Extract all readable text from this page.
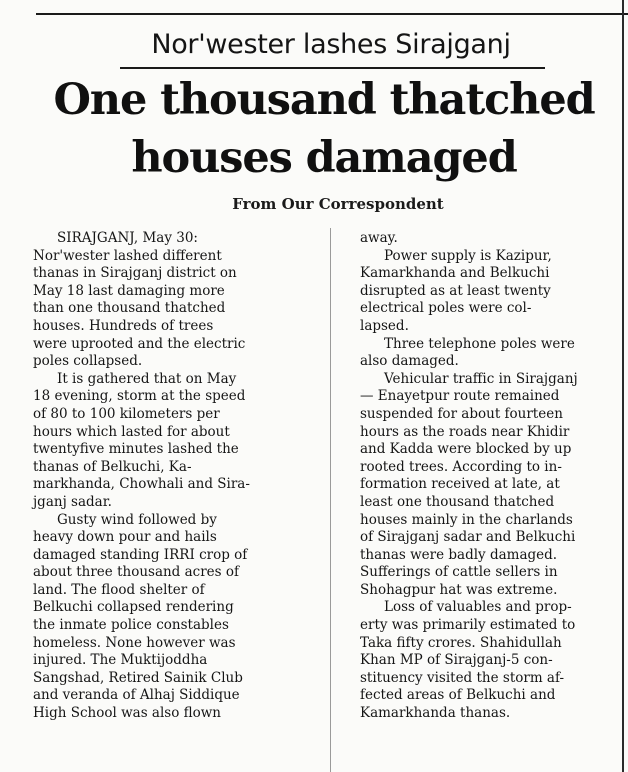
Nor'wester lashes Sirajganj
One thousand thatched
houses damaged
From Our Correspondent
SIRAJGANJ, May 30:
Nor'wester lashed different
thanas in Sirajganj district on
May 18 last damaging more
than one thousand thatched
houses. Hundreds of trees
were uprooted and the electric
poles collapsed.
It is gathered that on May
18 evening, storm at the speed
of 80 to 100 kilometers per
hours which lasted for about
twentyfive minutes lashed the
thanas of Belkuchi, Ka-
markhanda, Chowhali and Sira-
jganj sadar.
Gusty wind followed by
heavy down pour and hails
damaged standing IRRI crop of
about three thousand acres of
land. The flood shelter of
Belkuchi collapsed rendering
the inmate police constables
homeless. None however was
injured. The Muktijoddha
Sangshad, Retired Sainik Club
and veranda of Alhaj Siddique
High School was also flown
away.
Power supply is Kazipur,
Kamarkhanda and Belkuchi
disrupted as at least twenty
electrical poles were col-
lapsed.
Three telephone poles were
also damaged.
Vehicular traffic in Sirajganj
— Enayetpur route remained
suspended for about fourteen
hours as the roads near Khidir
and Kadda were blocked by up
rooted trees. According to in-
formation received at late, at
least one thousand thatched
houses mainly in the charlands
of Sirajganj sadar and Belkuchi
thanas were badly damaged.
Sufferings of cattle sellers in
Shohagpur hat was extreme.
Loss of valuables and prop-
erty was primarily estimated to
Taka fifty crores. Shahidullah
Khan MP of Sirajganj-5 con-
stituency visited the storm af-
fected areas of Belkuchi and
Kamarkhanda thanas.
